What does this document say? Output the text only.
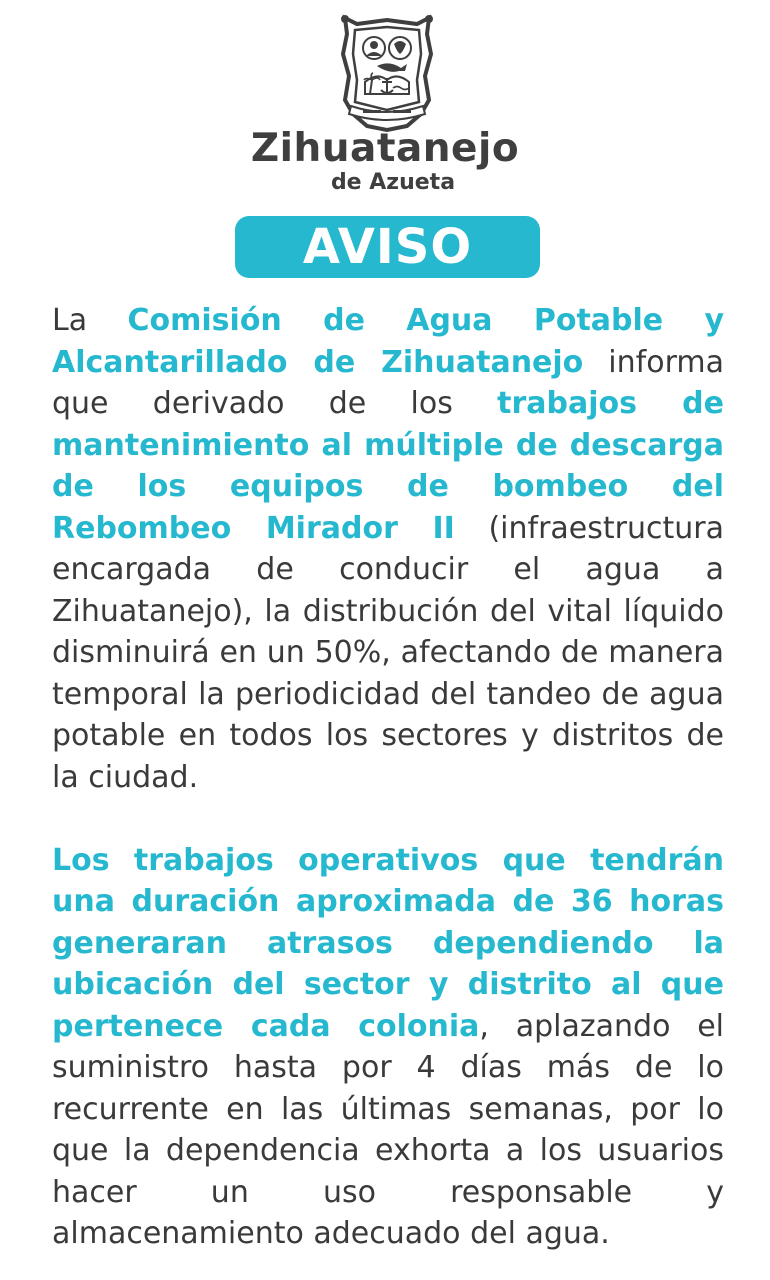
Zihuatanejo
de Azueta
AVISO

La Comisión de Agua Potable y Alcantarillado de Zihuatanejo informa que derivado de los trabajos de mantenimiento al múltiple de descarga de los equipos de bombeo del Rebombeo Mirador II (infraestructura encargada de conducir el agua a Zihuatanejo), la distribución del vital líquido disminuirá en un 50%, afectando de manera temporal la periodicidad del tandeo de agua potable en todos los sectores y distritos de la ciudad.

Los trabajos operativos que tendrán una duración aproximada de 36 horas generaran atrasos dependiendo la ubicación del sector y distrito al que pertenece cada colonia, aplazando el suministro hasta por 4 días más de lo recurrente en las últimas semanas, por lo que la dependencia exhorta a los usuarios hacer un uso responsable y almacenamiento adecuado del agua.
